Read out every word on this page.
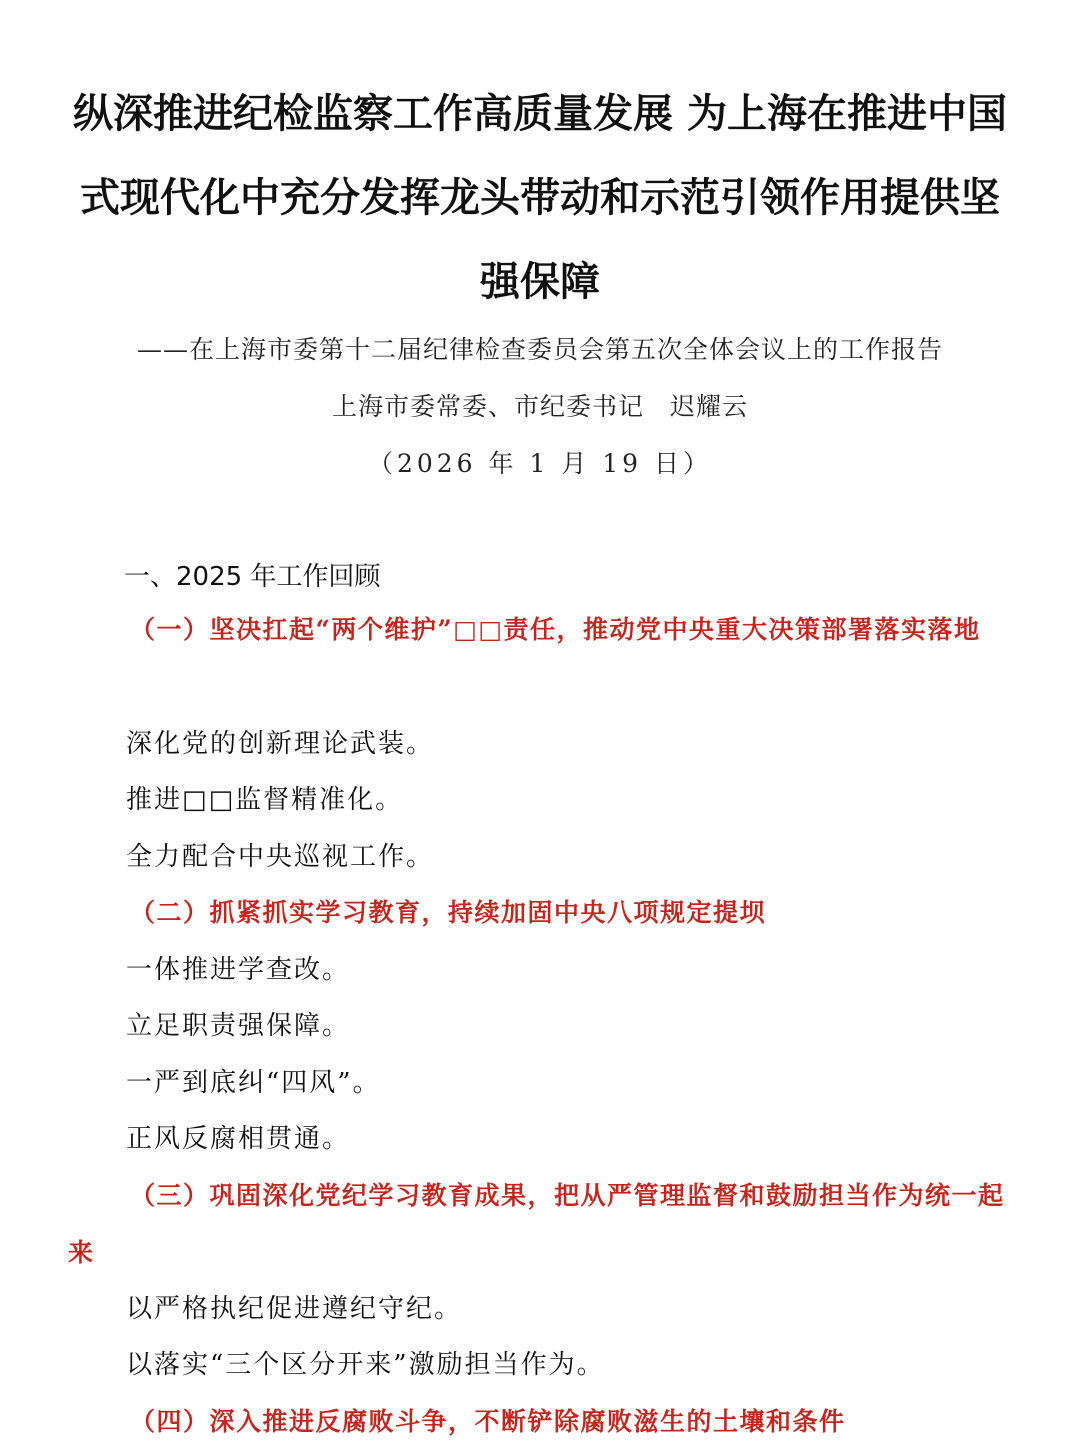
纵深推进纪检监察工作高质量发展 为上海在推进中国
式现代化中充分发挥龙头带动和示范引领作用提供坚
强保障

——在上海市委第十二届纪律检查委员会第五次全体会议上的工作报告

上海市委常委、市纪委书记　迟耀云

（2026 年 1 月 19 日）

一、2025 年工作回顾

（一）坚决扛起“两个维护”□□责任，推动党中央重大决策部署落实落地

深化党的创新理论武装。

推进□□监督精准化。

全力配合中央巡视工作。

（二）抓紧抓实学习教育，持续加固中央八项规定提坝

一体推进学查改。

立足职责强保障。

一严到底纠“四风”。

正风反腐相贯通。

（三）巩固深化党纪学习教育成果，把从严管理监督和鼓励担当作为统一起来

以严格执纪促进遵纪守纪。

以落实“三个区分开来”激励担当作为。

（四）深入推进反腐败斗争，不断铲除腐败滋生的土壤和条件
